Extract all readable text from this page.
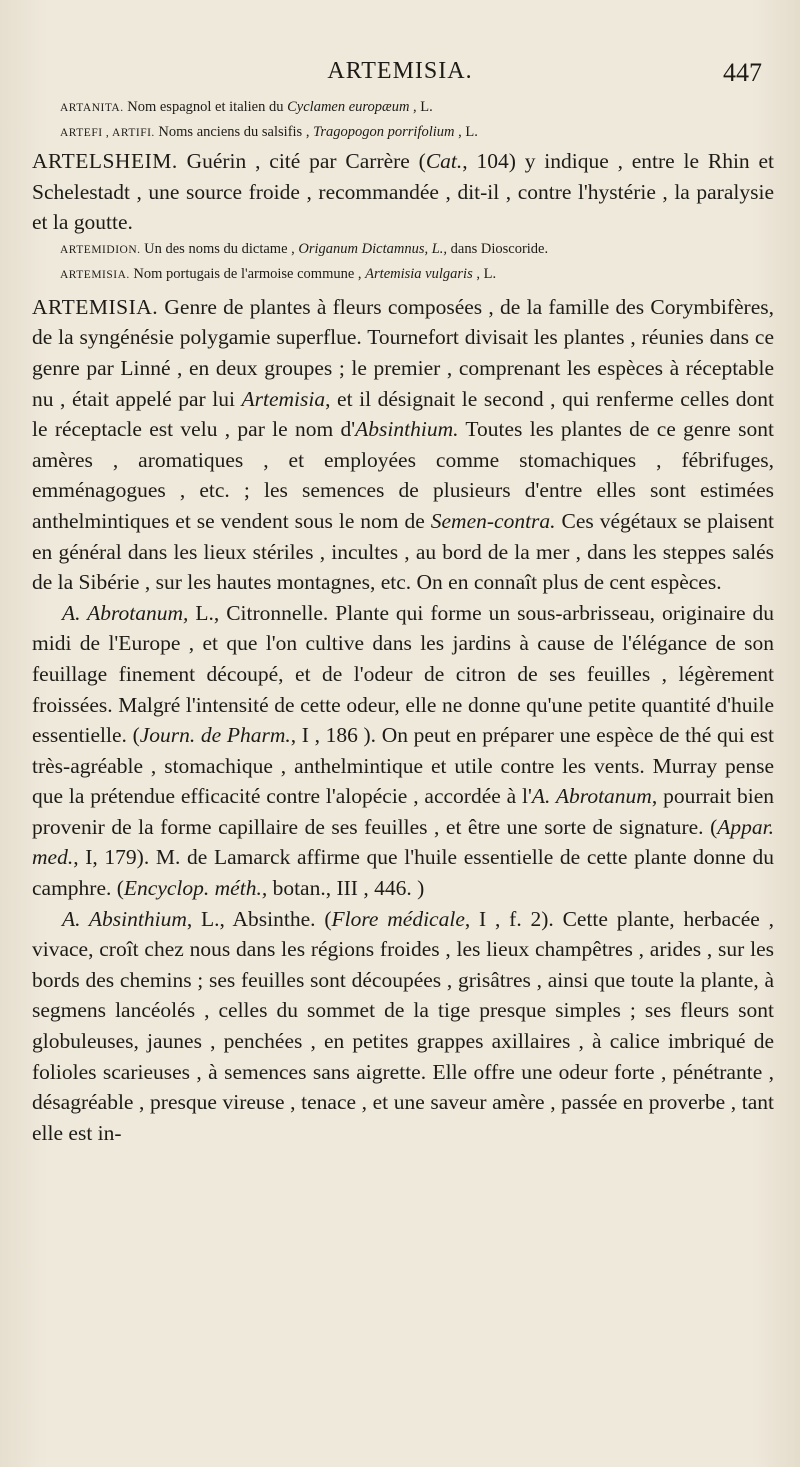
ARTEMISIA.	447

ARTANITA. Nom espagnol et italien du Cyclamen europæum , L.

ARTEFI , ARTIFI. Noms anciens du salsifis , Tragopogon porrifolium , L.

ARTELSHEIM. Guérin , cité par Carrère (Cat., 104) y indique , entre le Rhin et Schelestadt , une source froide , recommandée , dit-il , contre l'hystérie , la paralysie et la goutte.

ARTEMIDION. Un des noms du dictame , Origanum Dictamnus, L., dans Dioscoride.

ARTEMISIA. Nom portugais de l'armoise commune , Artemisia vulgaris , L.

ARTEMISIA. Genre de plantes à fleurs composées , de la famille des Corymbifères, de la syngénésie polygamie superflue. Tournefort divisait les plantes , réunies dans ce genre par Linné , en deux groupes ; le premier , comprenant les espèces à réceptable nu , était appelé par lui Artemisia, et il désignait le second , qui renferme celles dont le réceptacle est velu , par le nom d'Absinthium. Toutes les plantes de ce genre sont amères , aromatiques , et employées comme stomachiques , fébrifuges, emménagogues , etc. ; les semences de plusieurs d'entre elles sont estimées anthelmintiques et se vendent sous le nom de Semen-contra. Ces végétaux se plaisent en général dans les lieux stériles , incultes , au bord de la mer , dans les steppes salés de la Sibérie , sur les hautes montagnes, etc. On en connaît plus de cent espèces.

A. Abrotanum, L., Citronnelle. Plante qui forme un sous-arbrisseau, originaire du midi de l'Europe , et que l'on cultive dans les jardins à cause de l'élégance de son feuillage finement découpé, et de l'odeur de citron de ses feuilles , légèrement froissées. Malgré l'intensité de cette odeur, elle ne donne qu'une petite quantité d'huile essentielle. (Journ. de Pharm., I , 186 ). On peut en préparer une espèce de thé qui est très-agréable , stomachique , anthelmintique et utile contre les vents. Murray pense que la prétendue efficacité contre l'alopécie , accordée à l'A. Abrotanum, pourrait bien provenir de la forme capillaire de ses feuilles , et être une sorte de signature. (Appar. med., I, 179). M. de Lamarck affirme que l'huile essentielle de cette plante donne du camphre. (Encyclop. méth., botan., III , 446. )

A. Absinthium, L., Absinthe. (Flore médicale, I , f. 2). Cette plante, herbacée , vivace, croît chez nous dans les régions froides , les lieux champêtres , arides , sur les bords des chemins ; ses feuilles sont découpées , grisâtres , ainsi que toute la plante, à segmens lancéolés , celles du sommet de la tige presque simples ; ses fleurs sont globuleuses, jaunes , penchées , en petites grappes axillaires , à calice imbriqué de folioles scarieuses , à semences sans aigrette. Elle offre une odeur forte , pénétrante , désagréable , presque vireuse , tenace , et une saveur amère , passée en proverbe , tant elle est in-
